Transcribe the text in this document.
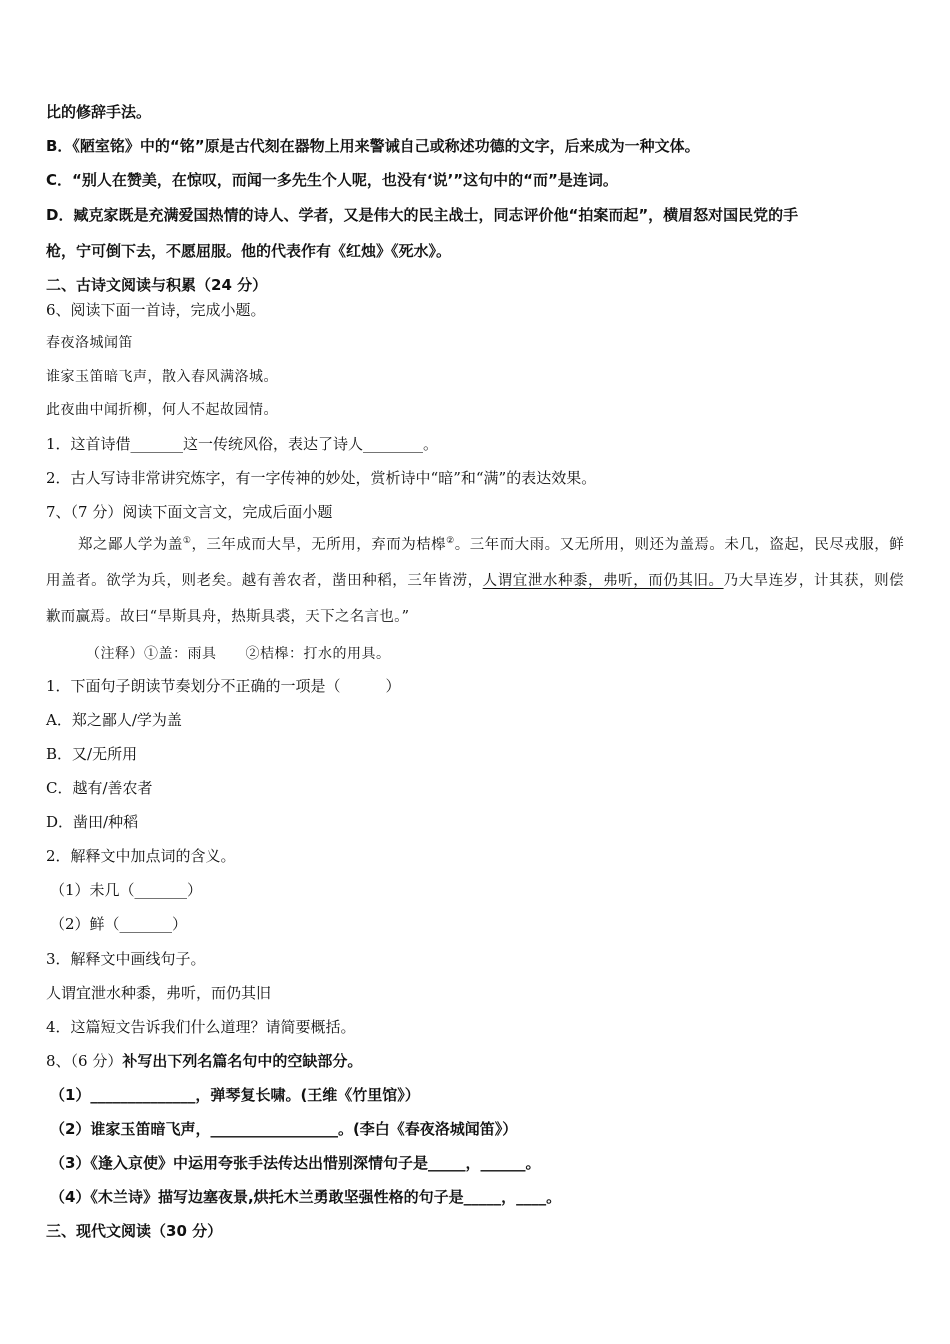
比的修辞手法。
B．《陋室铭》中的“铭”原是古代刻在器物上用来警诫自己或称述功德的文字，后来成为一种文体。
C．“别人在赞美，在惊叹，而闻一多先生个人呢，也没有‘说’”这句中的“而”是连词。
D．臧克家既是充满爱国热情的诗人、学者，又是伟大的民主战士，同志评价他“拍案而起”，横眉怒对国民党的手
枪，宁可倒下去，不愿屈服。他的代表作有《红烛》《死水》。
二、古诗文阅读与积累（24 分）
6、阅读下面一首诗，完成小题。
春夜洛城闻笛
谁家玉笛暗飞声，散入春风满洛城。
此夜曲中闻折柳，何人不起故园情。
1．这首诗借_______这一传统风俗，表达了诗人________。
2．古人写诗非常讲究炼字，有一字传神的妙处，赏析诗中“暗”和“满”的表达效果。
7、（7 分）阅读下面文言文，完成后面小题
郑之鄙人学为盖①，三年成而大旱，无所用，弃而为桔槔②。三年而大雨。又无所用，则还为盖焉。未几，盗起，民尽戎服，鲜用盖者。欲学为兵，则老矣。越有善农者，凿田种稻，三年皆涝，人谓宜泄水种黍，弗听，而仍其旧。乃大旱连岁，计其获，则偿歉而赢焉。故曰“旱斯具舟，热斯具裘，天下之名言也。”
（注释）①盖：雨具　　②桔槔：打水的用具。
1．下面句子朗读节奏划分不正确的一项是（　　　）
A．郑之鄙人/学为盖
B．又/无所用
C．越有/善农者
D．凿田/种稻
2．解释文中加点词的含义。
（1）未几（_______）
（2）鲜（_______）
3．解释文中画线句子。
人谓宜泄水种黍，弗听，而仍其旧
4．这篇短文告诉我们什么道理？请简要概括。
8、（6 分）补写出下列名篇名句中的空缺部分。
（1）______________，弹琴复长啸。(王维《竹里馆》）
（2）谁家玉笛暗飞声，_________________。(李白《春夜洛城闻笛》）
（3）《逢入京使》中运用夸张手法传达出惜别深情句子是_____，______。
（4）《木兰诗》描写边塞夜景,烘托木兰勇敢坚强性格的句子是_____，____。
三、现代文阅读（30 分）
